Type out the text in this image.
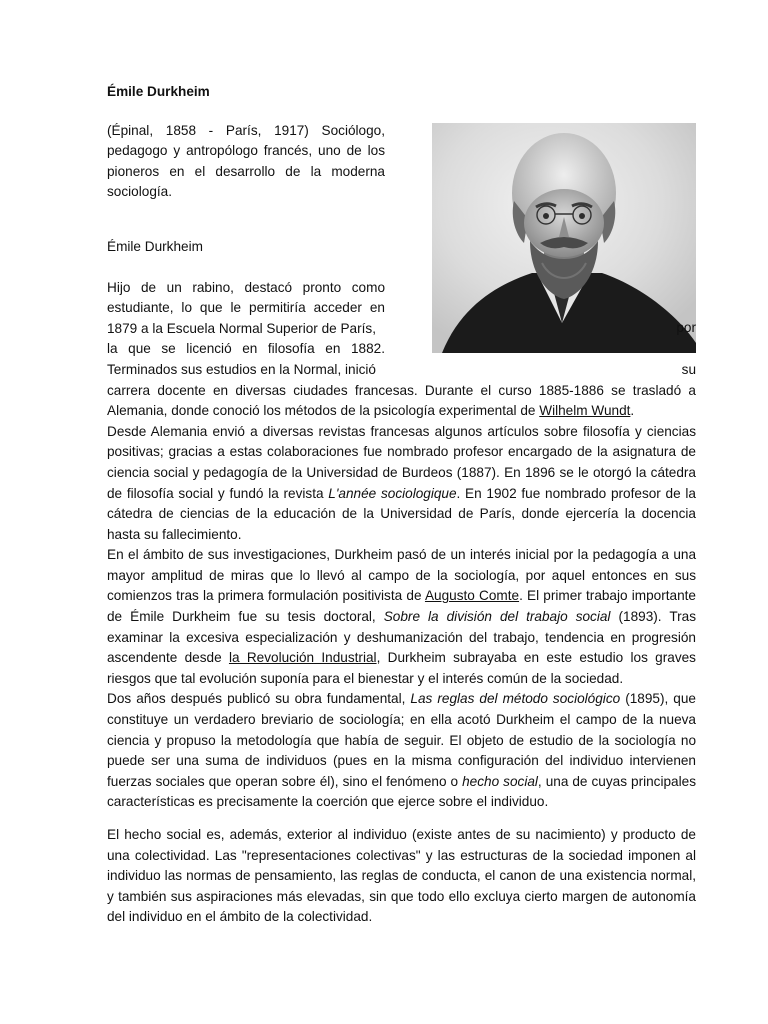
Émile Durkheim

(Épinal, 1858 - París, 1917) Sociólogo, pedagogo y antropólogo francés, uno de los pioneros en el desarrollo de la moderna sociología.

Émile Durkheim

Hijo de un rabino, destacó pronto como estudiante, lo que le permitiría acceder en 1879 a la Escuela Normal Superior de París,	por

la que se licenció en filosofía en 1882. Terminados sus estudios en la Normal, inició	su

carrera docente en diversas ciudades francesas. Durante el curso 1885-1886 se trasladó a Alemania, donde conoció los métodos de la psicología experimental de Wilhelm Wundt.

Desde Alemania envió a diversas revistas francesas algunos artículos sobre filosofía y ciencias positivas; gracias a estas colaboraciones fue nombrado profesor encargado de la asignatura de ciencia social y pedagogía de la Universidad de Burdeos (1887). En 1896 se le otorgó la cátedra de filosofía social y fundó la revista L'année sociologique. En 1902 fue nombrado profesor de la cátedra de ciencias de la educación de la Universidad de París, donde ejercería la docencia hasta su fallecimiento.

En el ámbito de sus investigaciones, Durkheim pasó de un interés inicial por la pedagogía a una mayor amplitud de miras que lo llevó al campo de la sociología, por aquel entonces en sus comienzos tras la primera formulación positivista de Augusto Comte. El primer trabajo importante de Émile Durkheim fue su tesis doctoral, Sobre la división del trabajo social (1893). Tras examinar la excesiva especialización y deshumanización del trabajo, tendencia en progresión ascendente desde la Revolución Industrial, Durkheim subrayaba en este estudio los graves riesgos que tal evolución suponía para el bienestar y el interés común de la sociedad.

Dos años después publicó su obra fundamental, Las reglas del método sociológico (1895), que constituye un verdadero breviario de sociología; en ella acotó Durkheim el campo de la nueva ciencia y propuso la metodología que había de seguir. El objeto de estudio de la sociología no puede ser una suma de individuos (pues en la misma configuración del individuo intervienen fuerzas sociales que operan sobre él), sino el fenómeno o hecho social, una de cuyas principales características es precisamente la coerción que ejerce sobre el individuo.

El hecho social es, además, exterior al individuo (existe antes de su nacimiento) y producto de una colectividad. Las "representaciones colectivas" y las estructuras de la sociedad imponen al individuo las normas de pensamiento, las reglas de conducta, el canon de una existencia normal, y también sus aspiraciones más elevadas, sin que todo ello excluya cierto margen de autonomía del individuo en el ámbito de la colectividad.
